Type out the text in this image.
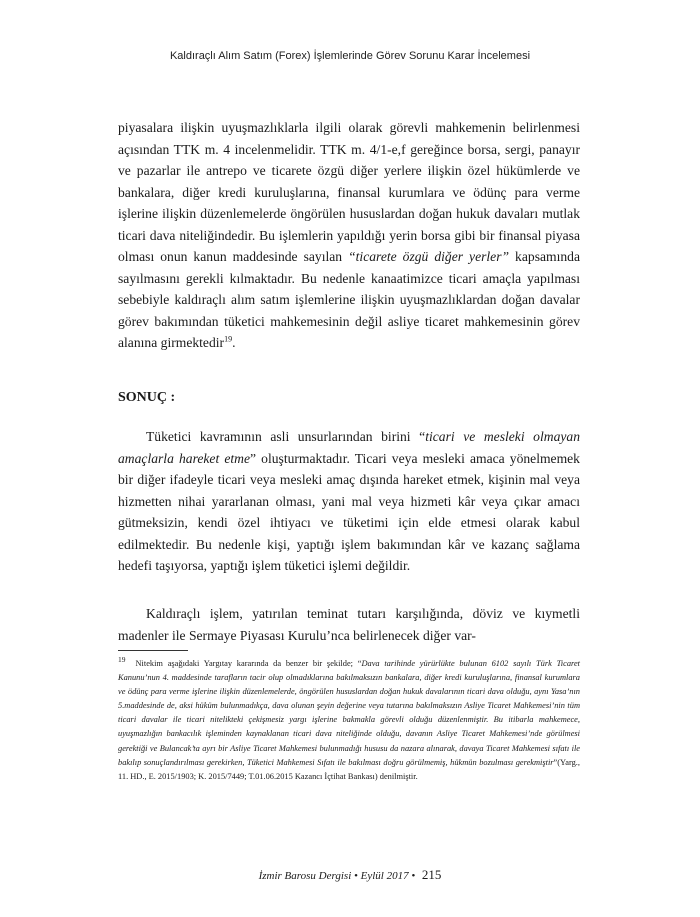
Kaldıraçlı Alım Satım (Forex) İşlemlerinde Görev Sorunu Karar İncelemesi

piyasalara ilişkin uyuşmazlıklarla ilgili olarak görevli mahkemenin belirlenmesi açısından TTK m. 4 incelenmelidir. TTK m. 4/1-e,f gereğince borsa, sergi, panayır ve pazarlar ile antrepo ve ticarete özgü diğer yerlere ilişkin özel hükümlerde ve bankalara, diğer kredi kuruluşlarına, finansal kurumlara ve ödünç para verme işlerine ilişkin düzenlemelerde öngörülen hususlardan doğan hukuk davaları mutlak ticari dava niteliğindedir. Bu işlemlerin yapıldığı yerin borsa gibi bir finansal piyasa olması onun kanun maddesinde sayılan “ticarete özgü diğer yerler” kapsamında sayılmasını gerekli kılmaktadır. Bu nedenle kanaatimizce ticari amaçla yapılması sebebiyle kaldıraçlı alım satım işlemlerine ilişkin uyuşmazlıklardan doğan davalar görev bakımından tüketici mahkemesinin değil asliye ticaret mahkemesinin görev alanına girmektedir$^{19}$.

SONUÇ :

Tüketici kavramının asli unsurlarından birini “ticari ve mesleki olmayan amaçlarla hareket etme” oluşturmaktadır. Ticari veya mesleki amaca yönelmemek bir diğer ifadeyle ticari veya mesleki amaç dışında hareket etmek, kişinin mal veya hizmetten nihai yararlanan olması, yani mal veya hizmeti kâr veya çıkar amacı gütmeksizin, kendi özel ihtiyacı ve tüketimi için elde etmesi olarak kabul edilmektedir. Bu nedenle kişi, yaptığı işlem bakımından kâr ve kazanç sağlama hedefi taşıyorsa, yaptığı işlem tüketici işlemi değildir.

Kaldıraçlı işlem, yatırılan teminat tutarı karşılığında, döviz ve kıymetli madenler ile Sermaye Piyasası Kurulu’nca belirlenecek diğer var-

$^{19}$ Nitekim aşağıdaki Yargıtay kararında da benzer bir şekilde; “Dava tarihinde yürürlükte bulunan 6102 sayılı Türk Ticaret Kanunu’nun 4. maddesinde tarafların tacir olup olmadıklarına bakılmaksızın bankalara, diğer kredi kuruluşlarına, finansal kurumlara ve ödünç para verme işlerine ilişkin düzenlemelerde, öngörülen hususlardan doğan hukuk davalarının ticari dava olduğu, aynı Yasa’nın 5.maddesinde de, aksi hüküm bulunmadıkça, dava olunan şeyin değerine veya tutarına bakılmaksızın Asliye Ticaret Mahkemesi’nin tüm ticari davalar ile ticari nitelikteki çekişmesiz yargı işlerine bakmakla görevli olduğu düzenlenmiştir. Bu itibarla mahkemece, uyuşmazlığın bankacılık işleminden kaynaklanan ticari dava niteliğinde olduğu, davanın Asliye Ticaret Mahkemesi’nde görülmesi gerektiği ve Bulancak’ta ayrı bir Asliye Ticaret Mahkemesi bulunmadığı hususu da nazara alınarak, davaya Ticaret Mahkemesi sıfatı ile bakılıp sonuçlandırılması gerekirken, Tüketici Mahkemesi Sıfatı ile bakılması doğru görülmemiş, hükmün bozulması gerekmiştir”(Yarg., 11. HD., E. 2015/1903; K. 2015/7449; T.01.06.2015 Kazancı İçtihat Bankası) denilmiştir.

İzmir Barosu Dergisi • Eylül 2017 • 215
